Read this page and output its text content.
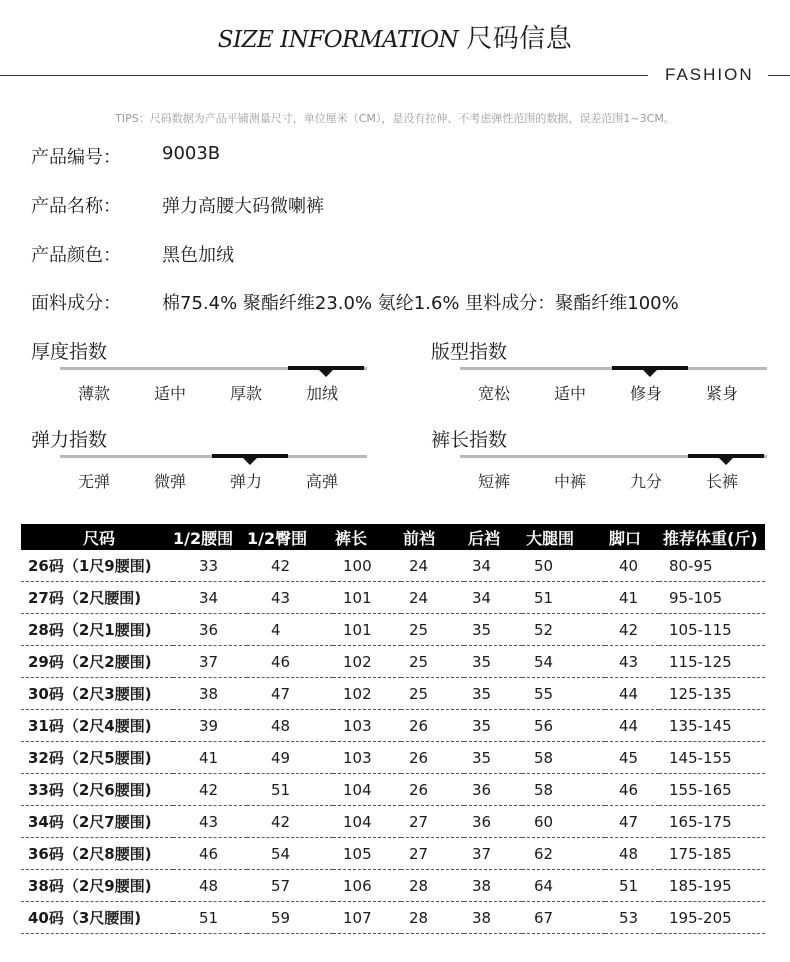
SIZE INFORMATION 尺码信息
FASHION
TIPS：尺码数据为产品平铺测量尺寸，单位厘米（CM），是没有拉伸、不考虑弹性范围的数据，误差范围1~3CM。
产品编号： 9003B
产品名称： 弹力高腰大码微喇裤
产品颜色： 黑色加绒
面料成分： 棉75.4% 聚酯纤维23.0% 氨纶1.6% 里料成分：聚酯纤维100%
厚度指数
薄款	适中	厚款	加绒
版型指数
宽松	适中	修身	紧身
弹力指数
无弹	微弹	弹力	高弹
裤长指数
短裤	中裤	九分	长裤
尺码	1/2腰围	1/2臀围	裤长	前裆	后裆	大腿围	脚口	推荐体重(斤)
26码（1尺9腰围)	33	42	100	24	34	50	40	80-95
27码（2尺腰围)	34	43	101	24	34	51	41	95-105
28码（2尺1腰围)	36	4	101	25	35	52	42	105-115
29码（2尺2腰围)	37	46	102	25	35	54	43	115-125
30码（2尺3腰围)	38	47	102	25	35	55	44	125-135
31码（2尺4腰围)	39	48	103	26	35	56	44	135-145
32码（2尺5腰围)	41	49	103	26	35	58	45	145-155
33码（2尺6腰围)	42	51	104	26	36	58	46	155-165
34码（2尺7腰围)	43	42	104	27	36	60	47	165-175
36码（2尺8腰围)	46	54	105	27	37	62	48	175-185
38码（2尺9腰围)	48	57	106	28	38	64	51	185-195
40码（3尺腰围)	51	59	107	28	38	67	53	195-205
